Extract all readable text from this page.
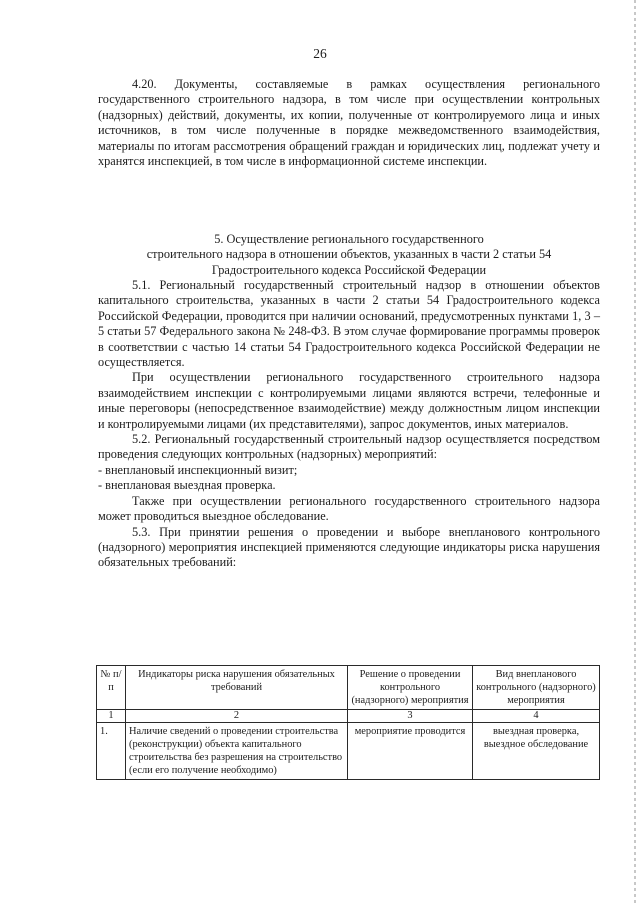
26

4.20. Документы, составляемые в рамках осуществления регионального государственного строительного надзора, в том числе при осуществлении контрольных (надзорных) действий, документы, их копии, полученные от контролируемого лица и иных источников, в том числе полученные в порядке межведомственного взаимодействия, материалы по итогам рассмотрения обращений граждан и юридических лиц, подлежат учету и хранятся инспекцией, в том числе в информационной системе инспекции.

5. Осуществление регионального государственного
строительного надзора в отношении объектов, указанных в части 2 статьи 54
Градостроительного кодекса Российской Федерации

5.1. Региональный государственный строительный надзор в отношении объектов капитального строительства, указанных в части 2 статьи 54 Градостроительного кодекса Российской Федерации, проводится при наличии оснований, предусмотренных пунктами 1, 3 – 5 статьи 57 Федерального закона № 248-ФЗ. В этом случае формирование программы проверок в соответствии с частью 14 статьи 54 Градостроительного кодекса Российской Федерации не осуществляется.

При осуществлении регионального государственного строительного надзора взаимодействием инспекции с контролируемыми лицами являются встречи, телефонные и иные переговоры (непосредственное взаимодействие) между должностным лицом инспекции и контролируемыми лицами (их представителями), запрос документов, иных материалов.

5.2. Региональный государственный строительный надзор осуществляется посредством проведения следующих контрольных (надзорных) мероприятий:

- внеплановый инспекционный визит;

- внеплановая выездная проверка.

Также при осуществлении регионального государственного строительного надзора может проводиться выездное обследование.

5.3. При принятии решения о проведении и выборе внепланового контрольного (надзорного) мероприятия инспекцией применяются следующие индикаторы риска нарушения обязательных требований:

№ п/п	Индикаторы риска нарушения обязательных требований	Решение о проведении контрольного (надзорного) мероприятия	Вид внепланового контрольного (надзорного) мероприятия
1	2	3	4
1.	Наличие сведений о проведении строительства (реконструкции) объекта капитального строительства без разрешения на строительство (если его получение необходимо)	мероприятие проводится	выездная проверка, выездное обследование
